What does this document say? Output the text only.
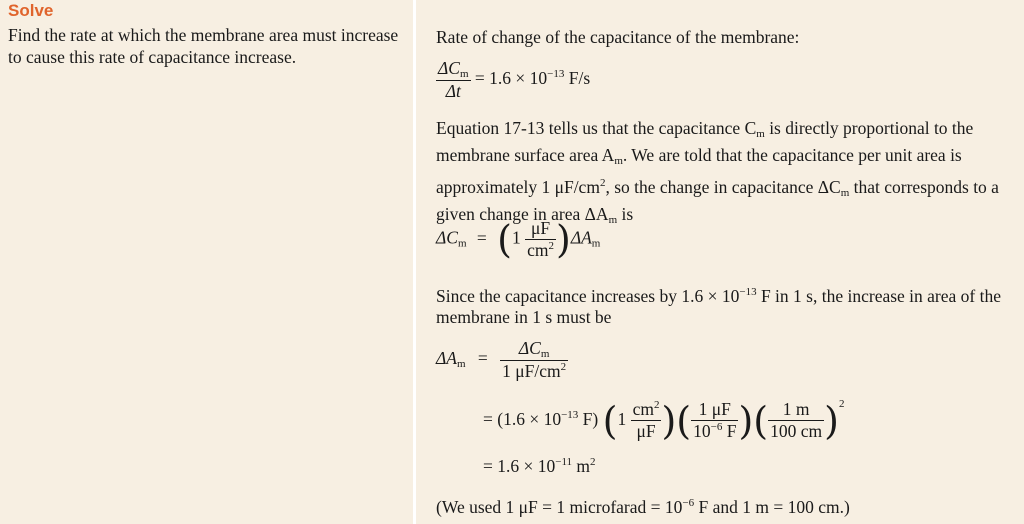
Solve
Find the rate at which the membrane area must increase to cause this rate of capacitance increase.
Rate of change of the capacitance of the membrane:
$\frac{\Delta C_m}{\Delta t} = 1.6 \times 10^{-13}$ F/s
Equation 17-13 tells us that the capacitance $C_m$ is directly proportional to the membrane surface area $A_m$. We are told that the capacitance per unit area is approximately 1 $\mu F/cm^2$, so the change in capacitance $\Delta C_m$ that corresponds to a given change in area $\Delta A_m$ is
$\Delta C_m = (1 \frac{\mu F}{cm^2} )\Delta A_m$
Since the capacitance increases by $1.6 \times 10^{-13}$ F in 1 s, the increase in area of the membrane in 1 s must be
$\Delta A_m = \frac{\Delta C_m}{1 \mu F/cm^2}$
= ($1.6 \times 10^{-13}$ F) ($1 \frac{cm^2}{\mu F}$ )( $\frac{1 \mu F}{10^{-6} F}$ )( $\frac{1 m}{100 cm} )^2$
= $1.6 \times 10^{-11}$ $m^2$
(We used 1 μF = 1 microfarad = $10^{-6}$ F and 1 m = 100 cm.)
